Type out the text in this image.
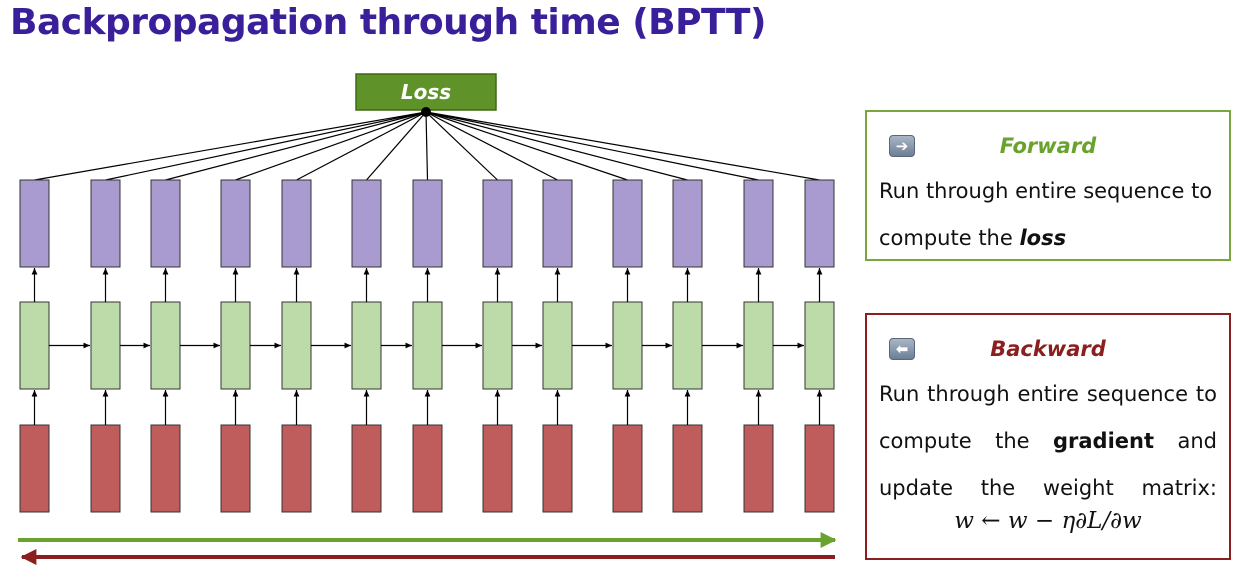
Backpropagation through time (BPTT)
Loss
➔	Forward
Run through entire sequence to
compute the loss
⬅	Backward
Run through entire sequence to
compute the gradient and
update the weight matrix:
w ← w − η∂L/∂w
